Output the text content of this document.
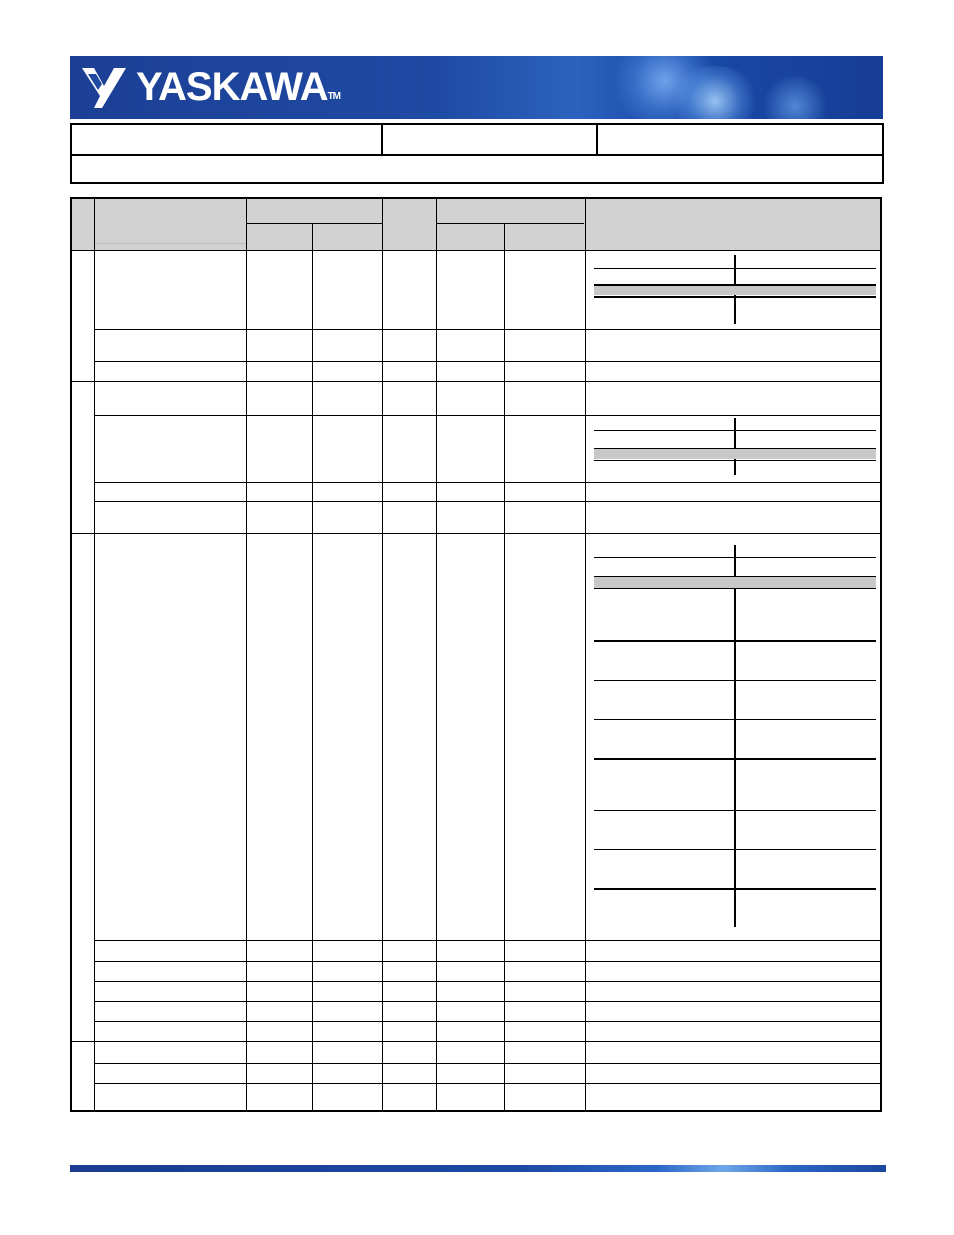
YASKAWA™
